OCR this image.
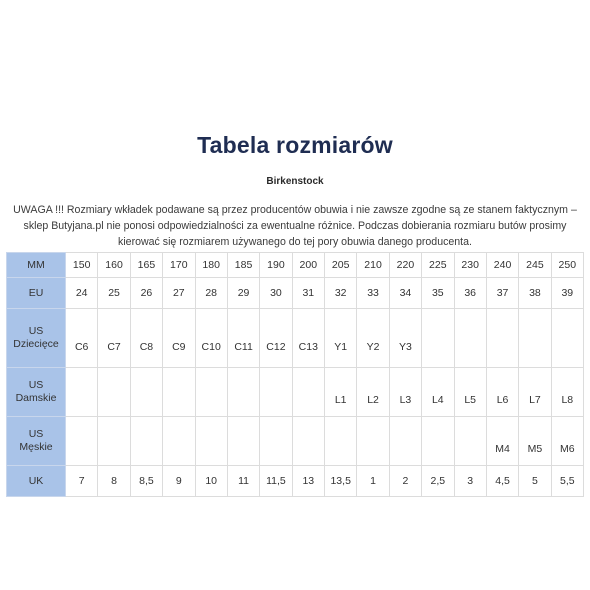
Tabela rozmiarów
Birkenstock
UWAGA !!! Rozmiary wkładek podawane są przez producentów obuwia i nie zawsze zgodne są ze stanem faktycznym – sklep Butyjana.pl nie ponosi odpowiedzialności za ewentualne różnice. Podczas dobierania rozmiaru butów prosimy kierować się rozmiarem używanego do tej pory obuwia danego producenta.
MM	150	160	165	170	180	185	190	200	205	210	220	225	230	240	245	250

EU	24	25	26	27	28	29	30	31	32	33	34	35	36	37	38	39

US
Dziecięce	C6	C7	C8	C9	C10	C11	C12	C13	Y1	Y2	Y3					

US
Damskie									L1	L2	L3	L4	L5	L6	L7	L8

US
Męskie														M4	M5	M6

UK	7	8	8,5	9	10	11	11,5	13	13,5	1	2	2,5	3	4,5	5	5,5
